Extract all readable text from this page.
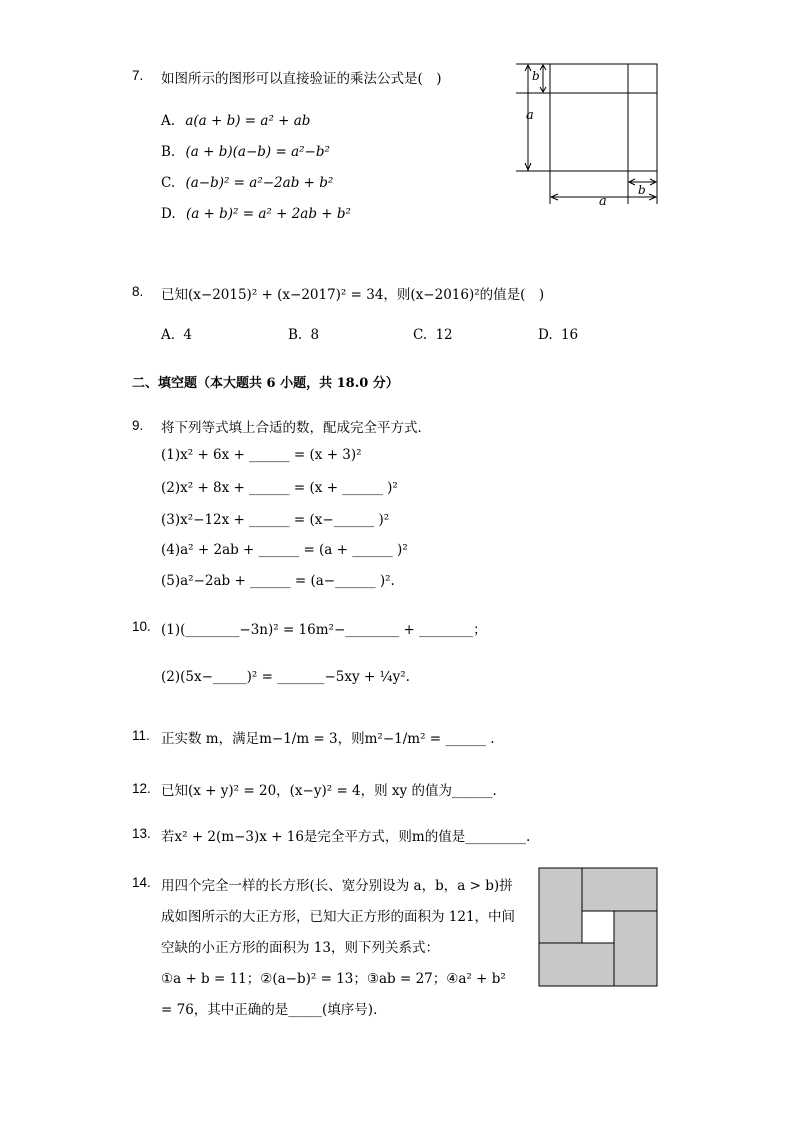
7. 如图所示的图形可以直接验证的乘法公式是(　)
A. a(a + b) = a² + ab
B. (a + b)(a−b) = a²−b²
C. (a−b)² = a²−2ab + b²
D. (a + b)² = a² + 2ab + b²
b
a
a
b
8. 已知(x−2015)² + (x−2017)² = 34，则(x−2016)²的值是(　)
A. 4	B. 8	C. 12	D. 16
二、填空题（本大题共 6 小题，共 18.0 分）
9. 将下列等式填上合适的数，配成完全平方式．
(1)x² + 6x + ______ = (x + 3)²
(2)x² + 8x + ______ = (x + ______ )²
(3)x²−12x + ______ = (x−______ )²
(4)a² + 2ab + ______ = (a + ______ )²
(5)a²−2ab + ______ = (a−______ )².
10. (1)(________−3n)² = 16m²−________ + ________；
(2)(5x−_____)² = _______−5xy + ¼y².
11. 正实数 m，满足m−1/m = 3，则m²−1/m² = ______ .
12. 已知(x + y)² = 20，(x−y)² = 4，则 xy 的值为______.
13. 若x² + 2(m−3)x + 16是完全平方式，则m的值是_________.
14. 用四个完全一样的长方形(长、宽分别设为 a，b，a > b)拼
成如图所示的大正方形，已知大正方形的面积为 121，中间
空缺的小正方形的面积为 13，则下列关系式：
①a + b = 11；②(a−b)² = 13；③ab = 27；④a² + b²
= 76，其中正确的是_____(填序号).
